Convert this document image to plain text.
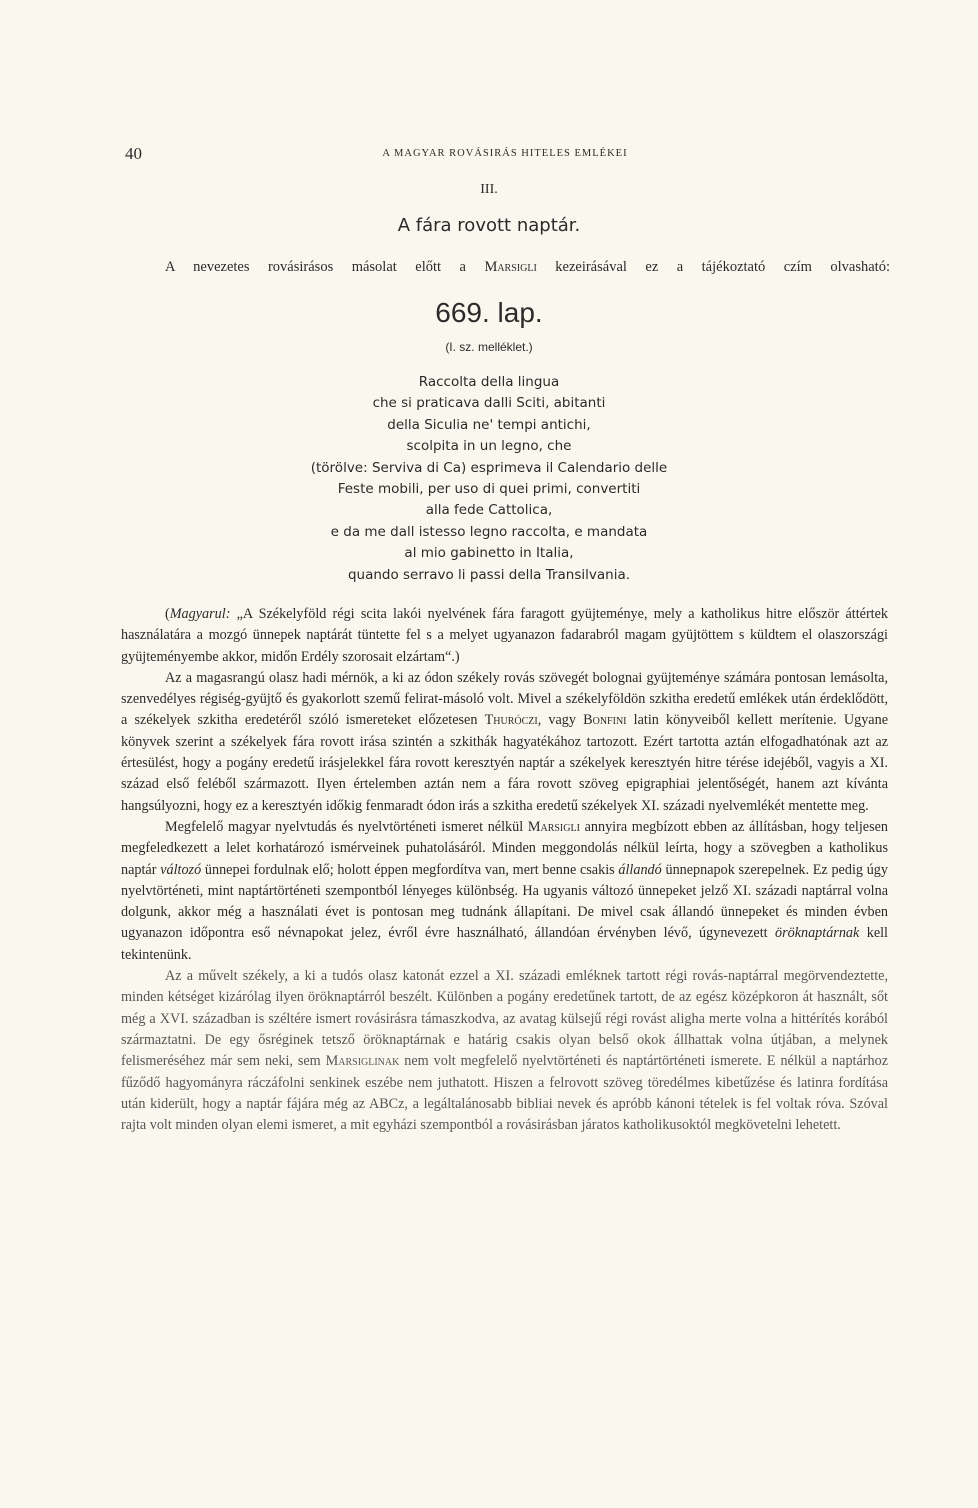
40	A MAGYAR ROVÁSIRÁS HITELES EMLÉKEI
III.
A fára rovott naptár.
A nevezetes rovásirásos másolat előtt a Marsigli kezeirásával ez a tájékoztató czím olvasható:
669. lap.
(I. sz. melléklet.)
Raccolta della lingua
che si praticava dalli Sciti, abitanti
della Siculia ne' tempi antichi,
scolpita in un legno, che
(törölve: Serviva di Ca) esprimeva il Calendario delle
Feste mobili, per uso di quei primi, convertiti
alla fede Cattolica,
e da me dall istesso legno raccolta, e mandata
al mio gabinetto in Italia,
quando serravo li passi della Transilvania.

(Magyarul: „A Székelyföld régi scita lakói nyelvének fára faragott gyüjteménye, mely a katholikus hitre először áttértek használatára a mozgó ünnepek naptárát tüntette fel s a melyet ugyanazon fadarabról magam gyüjtöttem s küldtem el olaszországi gyüjteményembe akkor, midőn Erdély szorosait elzártam“.)

Az a magasrangú olasz hadi mérnök, a ki az ódon székely rovás szövegét bolognai gyüjteménye számára pontosan lemásolta, szenvedélyes régiség-gyüjtő és gyakorlott szemű felirat-másoló volt. Mivel a székelyföldön szkitha eredetű emlékek után érdeklődött, a székelyek szkitha eredetéről szóló ismereteket előzetesen Thuróczi, vagy Bonfini latin könyveiből kellett merítenie. Ugyane könyvek szerint a székelyek fára rovott irása szintén a szkithák hagyatékához tartozott. Ezért tartotta aztán elfogadhatónak azt az értesülést, hogy a pogány eredetű irásjelekkel fára rovott keresztyén naptár a székelyek keresztyén hitre térése idejéből, vagyis a XI. század első feléből származott. Ilyen értelemben aztán nem a fára rovott szöveg epigraphiai jelentőségét, hanem azt kívánta hangsúlyozni, hogy ez a keresztyén időkig fenmaradt ódon irás a szkitha eredetű székelyek XI. századi nyelvemlékét mentette meg.

Megfelelő magyar nyelvtudás és nyelvtörténeti ismeret nélkül Marsigli annyira megbízott ebben az állításban, hogy teljesen megfeledkezett a lelet korhatározó ismérveinek puhatolásáról. Minden meggondolás nélkül leírta, hogy a szövegben a katholikus naptár változó ünnepei fordulnak elő; holott éppen megfordítva van, mert benne csakis állandó ünnepnapok szerepelnek. Ez pedig úgy nyelvtörténeti, mint naptártörténeti szempontból lényeges különbség. Ha ugyanis változó ünnepeket jelző XI. századi naptárral volna dolgunk, akkor még a használati évet is pontosan meg tudnánk állapítani. De mivel csak állandó ünnepeket és minden évben ugyanazon időpontra eső névnapokat jelez, évről évre használható, állandóan érvényben lévő, úgynevezett öröknaptárnak kell tekintenünk.

Az a művelt székely, a ki a tudós olasz katonát ezzel a XI. századi emléknek tartott régi rovás-naptárral megörvendeztette, minden kétséget kizárólag ilyen öröknaptárról beszélt. Különben a pogány eredetűnek tartott, de az egész középkoron át használt, sőt még a XVI. században is széltére ismert rovásirásra támaszkodva, az avatag külsejű régi rovást aligha merte volna a hittérítés korából származtatni. De egy ősréginek tetsző öröknaptárnak e határig csakis olyan belső okok állhattak volna útjában, a melynek felismeréséhez már sem neki, sem Marsiglinak nem volt megfelelő nyelvtörténeti és naptártörténeti ismerete. E nélkül a naptárhoz fűződő hagyományra ráczáfolni senkinek eszébe nem juthatott. Hiszen a felrovott szöveg töredélmes kibetűzése és latinra fordítása után kiderült, hogy a naptár fájára még az ABCz, a legáltalánosabb bibliai nevek és apróbb kánoni tételek is fel voltak róva. Szóval rajta volt minden olyan elemi ismeret, a mit egyházi szempontból a rovásirásban járatos katholikusoktól megkövetelni lehetett.
